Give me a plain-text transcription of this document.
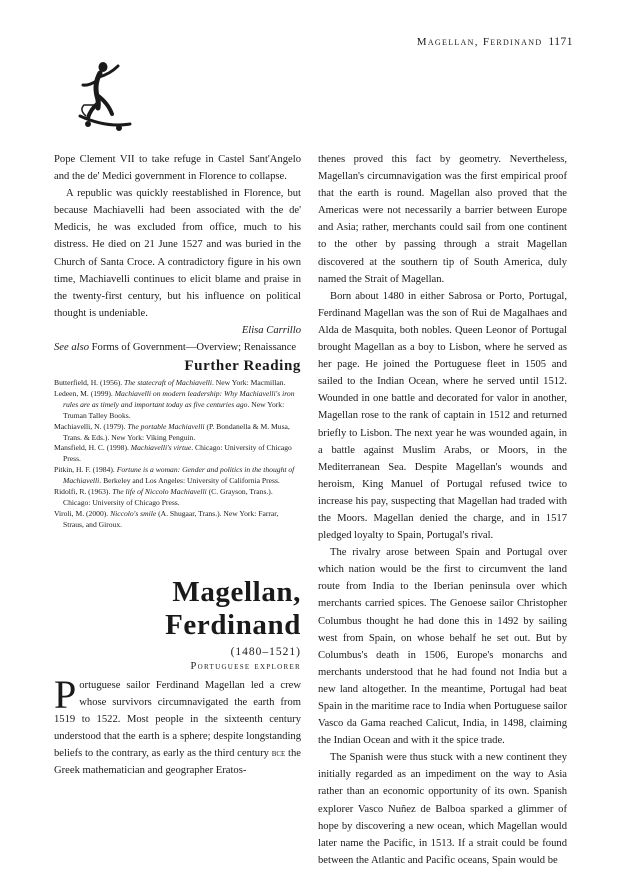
Magellan, Ferdinand 1171

Pope Clement VII to take refuge in Castel Sant'Angelo and the de' Medici government in Florence to collapse.

A republic was quickly reestablished in Florence, but because Machiavelli had been associated with the de' Medicis, he was excluded from office, much to his distress. He died on 21 June 1527 and was buried in the Church of Santa Croce. A contradictory figure in his own time, Machiavelli continues to elicit blame and praise in the twenty-first century, but his influence on political thought is undeniable.

Elisa Carrillo

See also Forms of Government—Overview; Renaissance

Further Reading

Butterfield, H. (1956). The statecraft of Machiavelli. New York: Macmillan.

Ledeen, M. (1999). Machiavelli on modern leadership: Why Machiavelli's iron rules are as timely and important today as five centuries ago. New York: Truman Talley Books.

Machiavelli, N. (1979). The portable Machiavelli (P. Bondanella & M. Musa, Trans. & Eds.). New York: Viking Penguin.

Mansfield, H. C. (1998). Machiavelli's virtue. Chicago: University of Chicago Press.

Pitkin, H. F. (1984). Fortune is a woman: Gender and politics in the thought of Machiavelli. Berkeley and Los Angeles: University of California Press.

Ridolfi, R. (1963). The life of Niccolo Machiavelli (C. Grayson, Trans.). Chicago: University of Chicago Press.

Viroli, M. (2000). Niccolo's smile (A. Shugaar, Trans.). New York: Farrar, Straus, and Giroux.

Magellan,
Ferdinand
(1480–1521)
Portuguese explorer
Portuguese sailor Ferdinand Magellan led a crew whose survivors circumnavigated the earth from 1519 to 1522. Most people in the sixteenth century understood that the earth is a sphere; despite longstanding beliefs to the contrary, as early as the third century bce the Greek mathematician and geographer Eratos-

thenes proved this fact by geometry. Nevertheless, Magellan's circumnavigation was the first empirical proof that the earth is round. Magellan also proved that the Americas were not necessarily a barrier between Europe and Asia; rather, merchants could sail from one continent to the other by passing through a strait Magellan discovered at the southern tip of South America, duly named the Strait of Magellan.

Born about 1480 in either Sabrosa or Porto, Portugal, Ferdinand Magellan was the son of Rui de Magalhaes and Alda de Masquita, both nobles. Queen Leonor of Portugal brought Magellan as a boy to Lisbon, where he served as her page. He joined the Portuguese fleet in 1505 and sailed to the Indian Ocean, where he served until 1512. Wounded in one battle and decorated for valor in another, Magellan rose to the rank of captain in 1512 and returned briefly to Lisbon. The next year he was wounded again, in a battle against Muslim Arabs, or Moors, in the Mediterranean Sea. Despite Magellan's wounds and heroism, King Manuel of Portugal refused twice to increase his pay, suspecting that Magellan had traded with the Moors. Magellan denied the charge, and in 1517 pledged loyalty to Spain, Portugal's rival.

The rivalry arose between Spain and Portugal over which nation would be the first to circumvent the land route from India to the Iberian peninsula over which merchants carried spices. The Genoese sailor Christopher Columbus thought he had done this in 1492 by sailing west from Spain, on whose behalf he set out. But by Columbus's death in 1506, Europe's monarchs and merchants understood that he had found not India but a new land altogether. In the meantime, Portugal had beat Spain in the maritime race to India when Portuguese sailor Vasco da Gama reached Calicut, India, in 1498, claiming the Indian Ocean and with it the spice trade.

The Spanish were thus stuck with a new continent they initially regarded as an impediment on the way to Asia rather than an economic opportunity of its own. Spanish explorer Vasco Nuñez de Balboa sparked a glimmer of hope by discovering a new ocean, which Magellan would later name the Pacific, in 1513. If a strait could be found between the Atlantic and Pacific oceans, Spain would be
